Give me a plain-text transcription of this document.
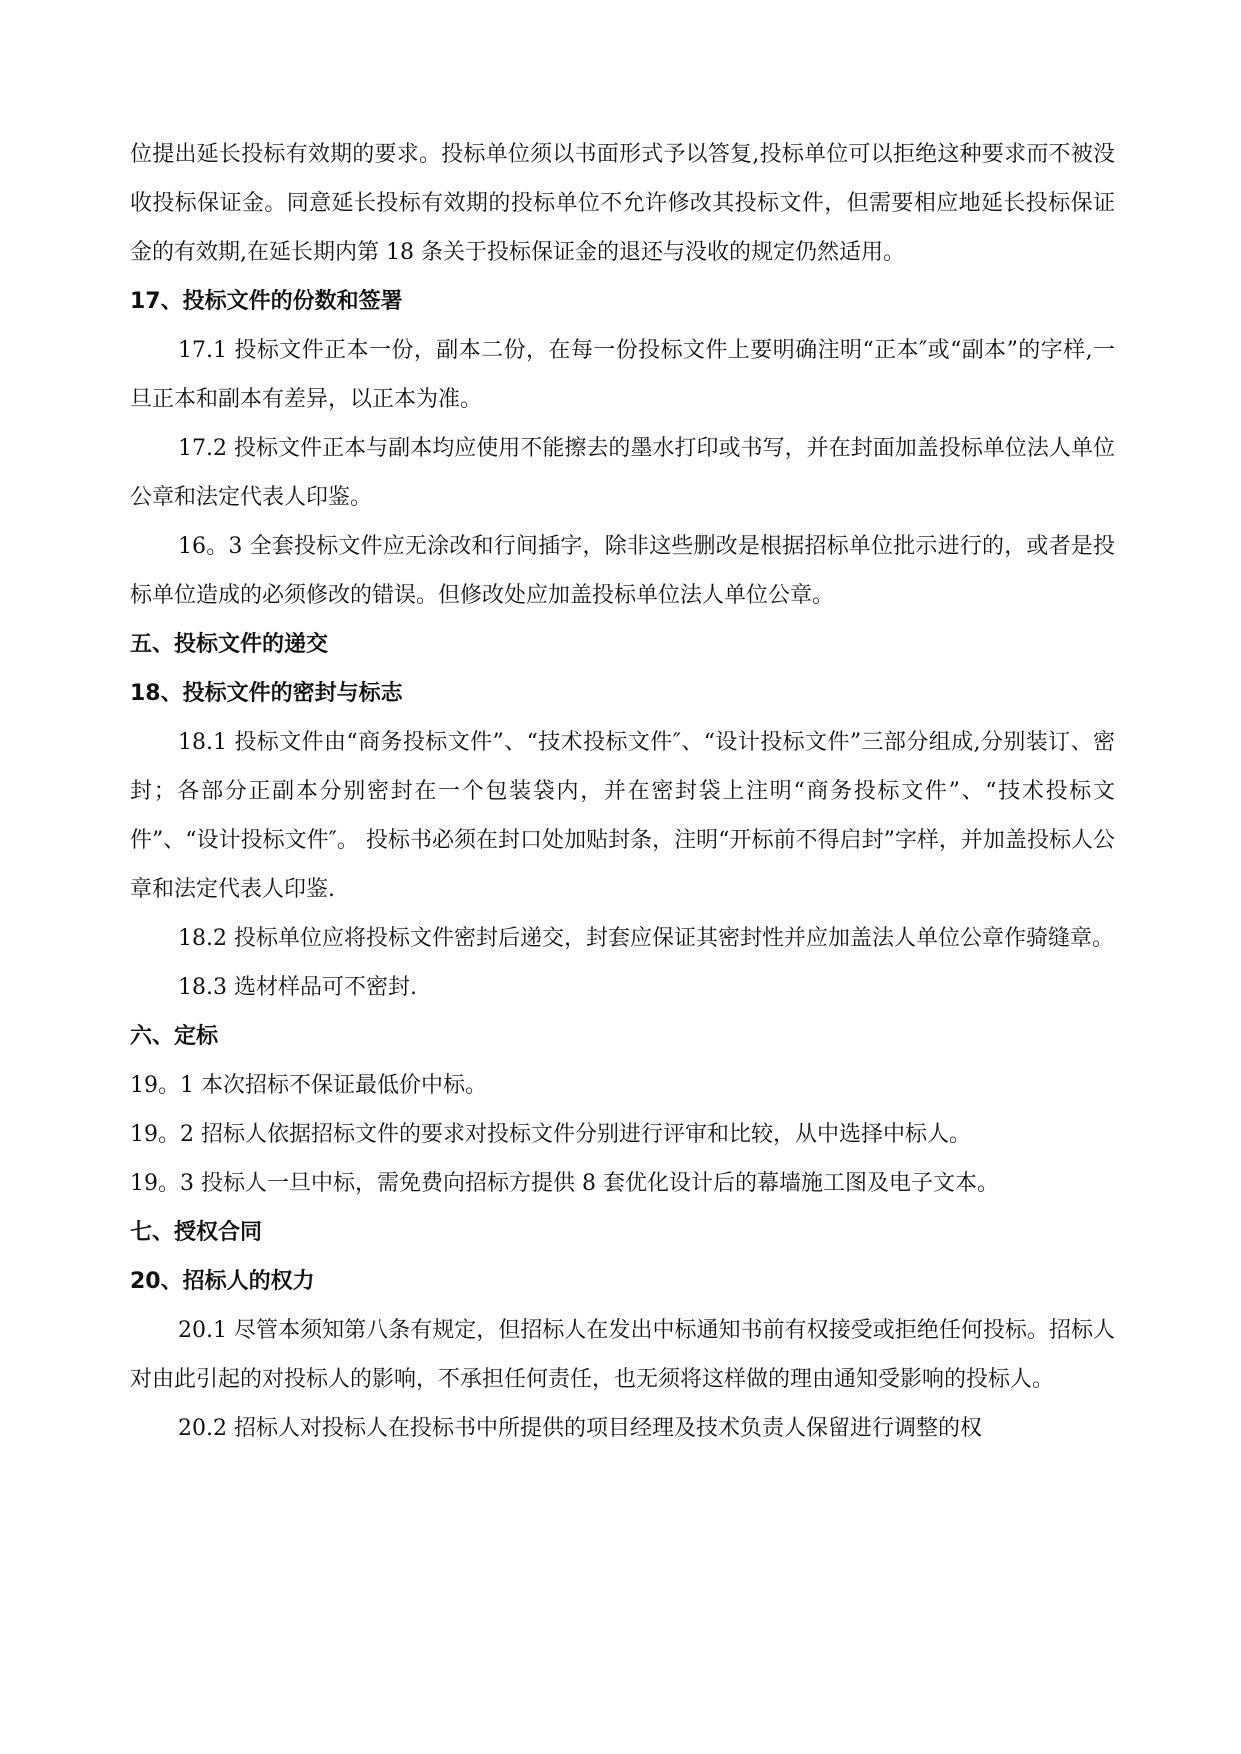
位提出延长投标有效期的要求。投标单位须以书面形式予以答复,投标单位可以拒绝这种要求而不被没收投标保证金。同意延长投标有效期的投标单位不允许修改其投标文件，但需要相应地延长投标保证金的有效期,在延长期内第 18 条关于投标保证金的退还与没收的规定仍然适用。

17、投标文件的份数和签署

17.1 投标文件正本一份，副本二份，在每一份投标文件上要明确注明“正本″或“副本”的字样,一旦正本和副本有差异，以正本为准。

17.2 投标文件正本与副本均应使用不能擦去的墨水打印或书写，并在封面加盖投标单位法人单位公章和法定代表人印鉴。

16。3 全套投标文件应无涂改和行间插字，除非这些删改是根据招标单位批示进行的，或者是投标单位造成的必须修改的错误。但修改处应加盖投标单位法人单位公章。

五、投标文件的递交

18、投标文件的密封与标志

18.1 投标文件由“商务投标文件”、“技术投标文件″、“设计投标文件”三部分组成,分别装订、密封；各部分正副本分别密封在一个包装袋内，并在密封袋上注明“商务投标文件”、“技术投标文件”、“设计投标文件″。 投标书必须在封口处加贴封条，注明“开标前不得启封”字样，并加盖投标人公章和法定代表人印鉴.

18.2 投标单位应将投标文件密封后递交，封套应保证其密封性并应加盖法人单位公章作骑缝章。

18.3 选材样品可不密封.

六、定标

19。1 本次招标不保证最低价中标。

19。2 招标人依据招标文件的要求对投标文件分别进行评审和比较，从中选择中标人。

19。3 投标人一旦中标，需免费向招标方提供 8 套优化设计后的幕墙施工图及电子文本。

七、授权合同

20、招标人的权力

20.1 尽管本须知第八条有规定，但招标人在发出中标通知书前有权接受或拒绝任何投标。招标人对由此引起的对投标人的影响，不承担任何责任，也无须将这样做的理由通知受影响的投标人。

20.2 招标人对投标人在投标书中所提供的项目经理及技术负责人保留进行调整的权
